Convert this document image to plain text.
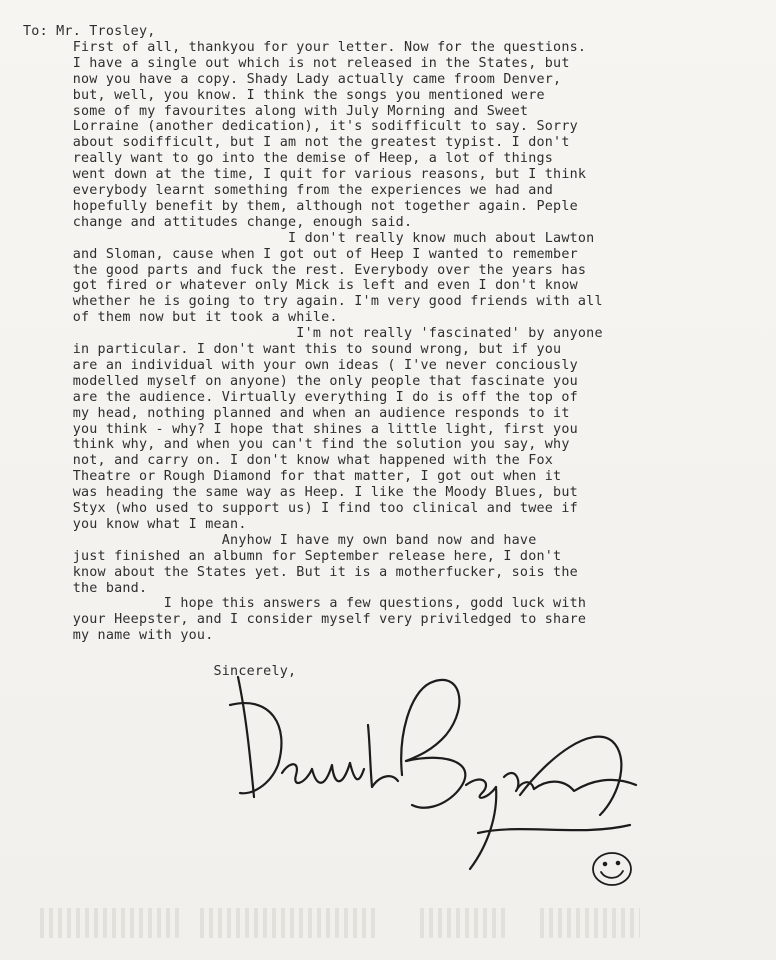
To: Mr. Trosley,
First of all, thankyou for your letter. Now for the questions.
I have a single out which is not released in the States, but
now you have a copy. Shady Lady actually came froom Denver,
but, well, you know. I think the songs you mentioned were
some of my favourites along with July Morning and Sweet
Lorraine (another dedication), it's sodifficult to say. Sorry
about sodifficult, but I am not the greatest typist. I don't
really want to go into the demise of Heep, a lot of things
went down at the time, I quit for various reasons, but I think
everybody learnt something from the experiences we had and
hopefully benefit by them, although not together again. Peple
change and attitudes change, enough said.
I don't really know much about Lawton
and Sloman, cause when I got out of Heep I wanted to remember
the good parts and fuck the rest. Everybody over the years has
got fired or whatever only Mick is left and even I don't know
whether he is going to try again. I'm very good friends with all
of them now but it took a while.
I'm not really 'fascinated' by anyone
in particular. I don't want this to sound wrong, but if you
are an individual with your own ideas ( I've never conciously
modelled myself on anyone) the only people that fascinate you
are the audience. Virtually everything I do is off the top of
my head, nothing planned and when an audience responds to it
you think - why? I hope that shines a little light, first you
think why, and when you can't find the solution you say, why
not, and carry on. I don't know what happened with the Fox
Theatre or Rough Diamond for that matter, I got out when it
was heading the same way as Heep. I like the Moody Blues, but
Styx (who used to support us) I find too clinical and twee if
you know what I mean.
Anyhow I have my own band now and have
just finished an albumn for September release here, I don't
know about the States yet. But it is a motherfucker, sois the
the band.
I hope this answers a few questions, godd luck with
your Heepster, and I consider myself very priviledged to share
my name with you.
Sincerely,
